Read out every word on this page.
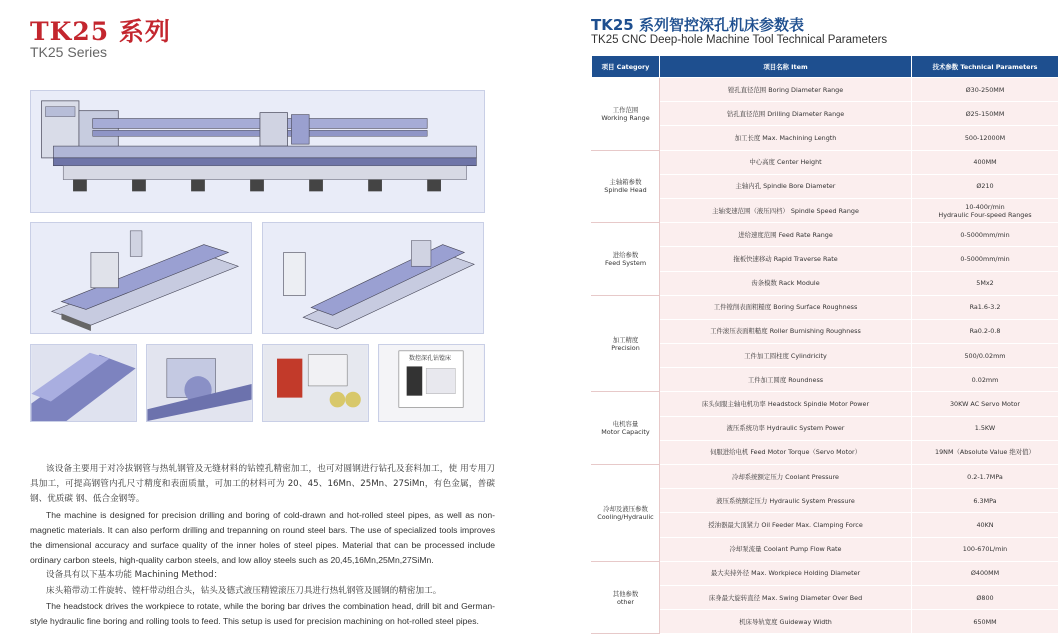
TK25 系列
TK25 Series
数控深孔钻镗床

该设备主要用于对冷拔钢管与热轧钢管及无缝材料的钻镗孔精密加工，也可对圆钢进行钻孔及套料加工，使 用专用刀具加工，可提高钢管内孔尺寸精度和表面质量，可加工的材料可为 20、45、16Mn、25Mn、27SiMn，有色金属，普碳钢、优质碳 钢、低合金钢等。

The machine is designed for precision drilling and boring of cold-drawn and hot-rolled steel pipes, as well as non-magnetic materials. It can also perform drilling and trepanning on round steel bars. The use of specialized tools improves the dimensional accuracy and surface quality of the inner holes of steel pipes. Material that can be processed include ordinary carbon steels, high-quality carbon steels, and low alloy steels such as 20,45,16Mn,25Mn,27SiMn.

设备具有以下基本功能 Machining Method：

床头箱带动工件旋转、镗杆带动组合头，钻头及德式液压精镗滚压刀具进行热轧钢管及圆钢的精密加工。

The headstock drives the workpiece to rotate, while the boring bar drives the combination head, drill bit and German-style hydraulic fine boring and rolling tools to feed. This setup is used for precision machining on hot-rolled steel pipes.

TK25 系列智控深孔机床参数表
TK25 CNC Deep-hole Machine Tool Technical Parameters
项目 Category	项目名称 Item	技术参数 Technical Parameters

工作范围
Working Range	镗孔直径范围 Boring Diameter Range	Ø30-250MM

	钻孔直径范围 Drilling Diameter Range	Ø25-150MM

	加工长度 Max. Machining Length	500-12000M

主轴箱参数
Spindle Head	中心高度 Center Height	400MM

	主轴内孔 Spindle Bore Diameter	Ø210

	主轴变速范围（液压四档） Spindle Speed Range	10-400r/min
Hydraulic Four-speed Ranges

进给参数
Feed System	进给速度范围 Feed Rate Range	0-5000mm/min

	拖板快速移动 Rapid Traverse Rate	0-5000mm/min

	齿条模数 Rack Module	5Mx2

加工精度
Precision	工件镗削表面粗糙度 Boring Surface Roughness	Ra1.6-3.2

	工件滚压表面粗糙度 Roller Burnishing Roughness	Ra0.2-0.8

	工件加工圆柱度 Cylindricity	500/0.02mm

	工件加工圆度 Roundness	0.02mm

电机容量
Motor Capacity	床头伺服主轴电机功率 Headstock Spindle Motor Power	30KW AC Servo Motor

	液压系统功率 Hydraulic System Power	1.5KW

	伺服进给电机 Feed Motor Torque（Servo Motor）	19NM（Absolute Value 绝对值）

冷却及液压参数
Cooling/Hydraulic	冷却系统额定压力 Coolant Pressure	0.2-1.7MPa

	液压系统额定压力 Hydraulic System Pressure	6.3MPa

	授油器最大顶紧力 Oil Feeder Max. Clamping Force	40KN

	冷却泵流量 Coolant Pump Flow Rate	100-670L/min

其他参数
other	最大夹持外径 Max. Workpiece Holding Diameter	Ø400MM

	床身最大旋转直径 Max. Swing Diameter Over Bed	Ø800

	机床导轨宽度 Guideway Width	650MM
